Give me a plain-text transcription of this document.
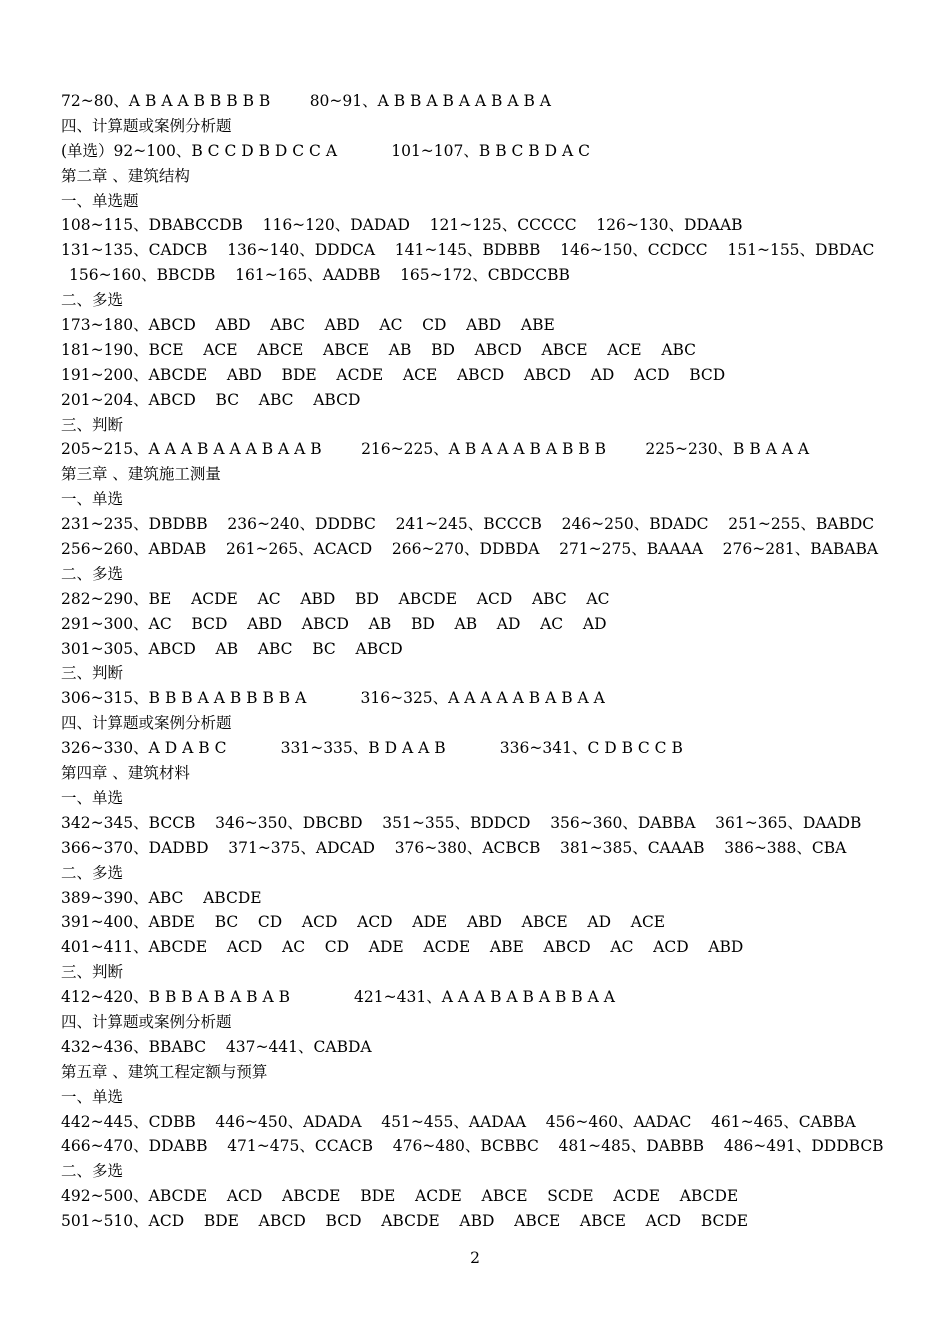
72~80、A B A A B B B B B        80~91、A B B A B A A B A B A
四、计算题或案例分析题
(单选）92~100、B C C D B D C C A           101~107、B B C B D A C
第二章 、建筑结构
一、单选题
108~115、DBABCCDB    116~120、DADAD    121~125、CCCCC    126~130、DDAAB
131~135、CADCB    136~140、DDDCA    141~145、BDBBB    146~150、CCDCC    151~155、DBDAC
156~160、BBCDB    161~165、AADBB    165~172、CBDCCBB
二、多选
173~180、ABCD    ABD    ABC    ABD    AC    CD    ABD    ABE
181~190、BCE    ACE    ABCE    ABCE    AB    BD    ABCD    ABCE    ACE    ABC
191~200、ABCDE    ABD    BDE    ACDE    ACE    ABCD    ABCD    AD    ACD    BCD
201~204、ABCD    BC    ABC    ABCD
三、判断
205~215、A A A B A A A B A A B        216~225、A B A A A B A B B B        225~230、B B A A A
第三章 、建筑施工测量
一、单选
231~235、DBDBB    236~240、DDDBC    241~245、BCCCB    246~250、BDADC    251~255、BABDC
256~260、ABDAB    261~265、ACACD    266~270、DDBDA    271~275、BAAAA    276~281、BABABA
二、多选
282~290、BE    ACDE    AC    ABD    BD    ABCDE    ACD    ABC    AC
291~300、AC    BCD    ABD    ABCD    AB    BD    AB    AD    AC    AD
301~305、ABCD    AB    ABC    BC    ABCD
三、判断
306~315、B B B A A B B B B A           316~325、A A A A A B A B A A
四、计算题或案例分析题
326~330、A D A B C           331~335、B D A A B           336~341、C D B C C B
第四章 、建筑材料
一、单选
342~345、BCCB    346~350、DBCBD    351~355、BDDCD    356~360、DABBA    361~365、DAADB
366~370、DADBD    371~375、ADCAD    376~380、ACBCB    381~385、CAAAB    386~388、CBA
二、多选
389~390、ABC    ABCDE
391~400、ABDE    BC    CD    ACD    ACD    ADE    ABD    ABCE    AD    ACE
401~411、ABCDE    ACD    AC    CD    ADE    ACDE    ABE    ABCD    AC    ACD    ABD
三、判断
412~420、B B B A B A B A B             421~431、A A A B A B A B B A A
四、计算题或案例分析题
432~436、BBABC    437~441、CABDA
第五章 、建筑工程定额与预算
一、单选
442~445、CDBB    446~450、ADADA    451~455、AADAA    456~460、AADAC    461~465、CABBA
466~470、DDABB    471~475、CCACB    476~480、BCBBC    481~485、DABBB    486~491、DDDBCB
二、多选
492~500、ABCDE    ACD    ABCDE    BDE    ACDE    ABCE    SCDE    ACDE    ABCDE
501~510、ACD    BDE    ABCD    BCD    ABCDE    ABD    ABCE    ABCE    ACD    BCDE
2
